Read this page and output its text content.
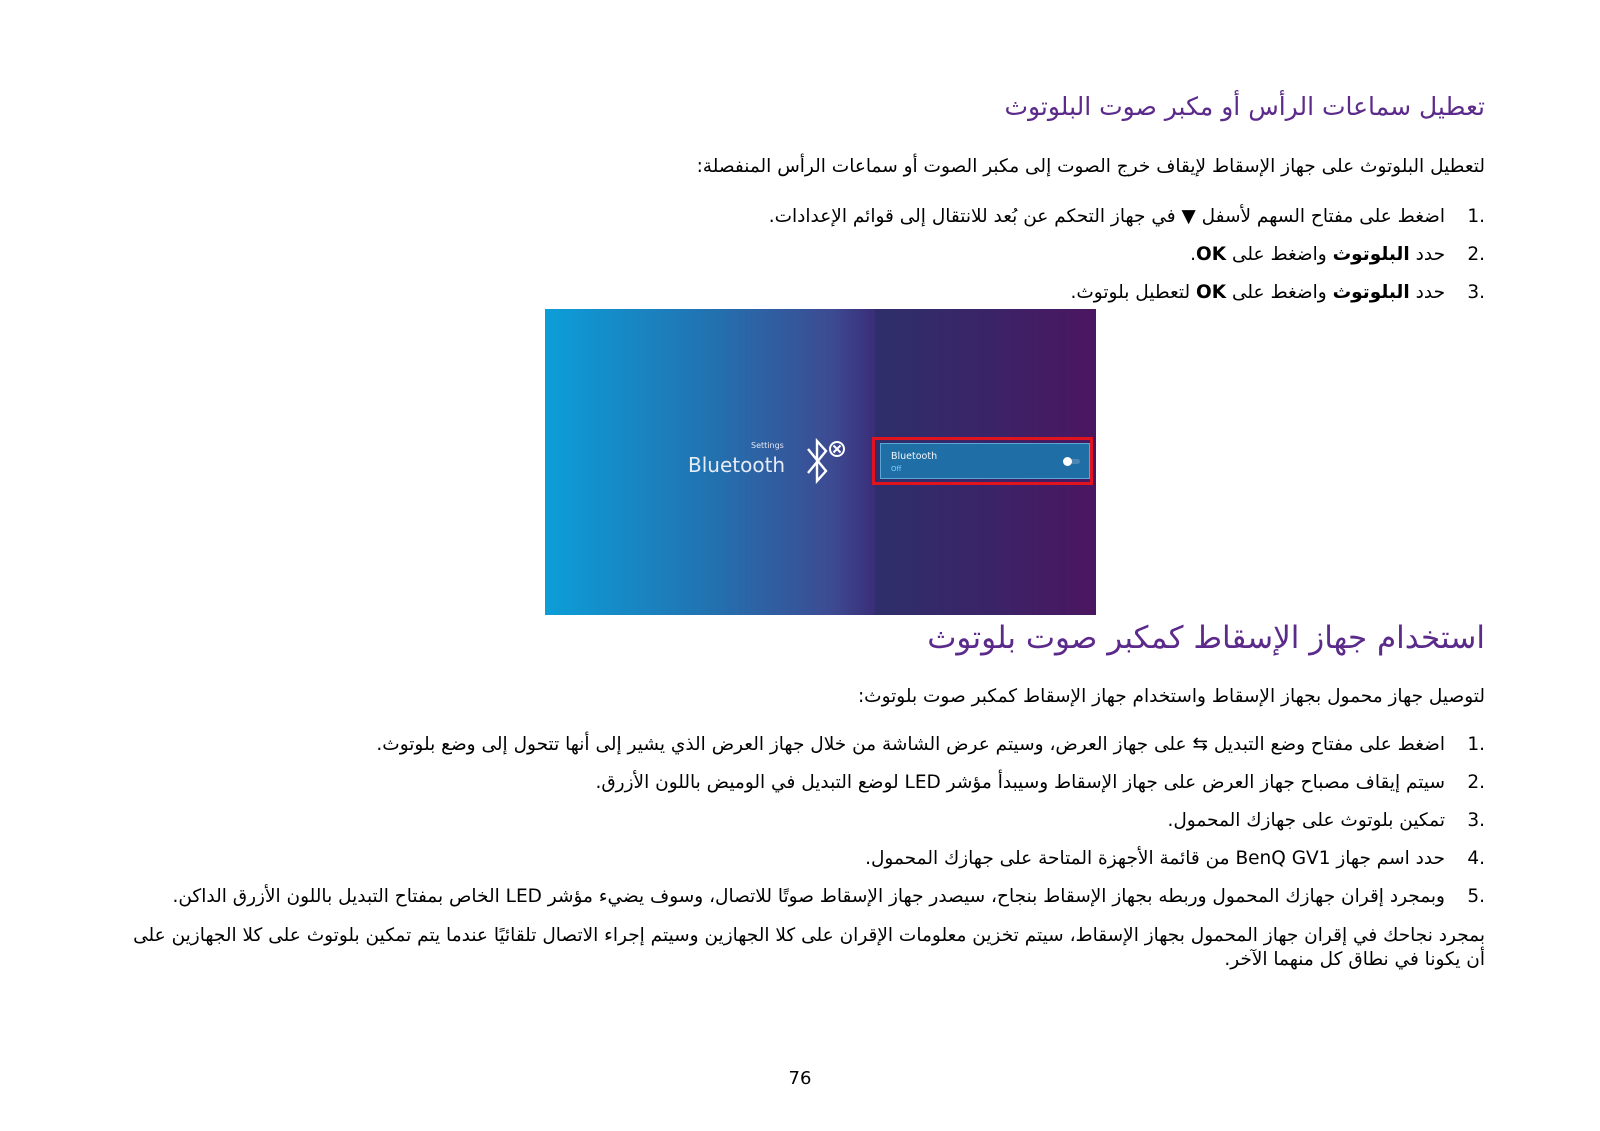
تعطيل سماعات الرأس أو مكبر صوت البلوتوث

لتعطيل البلوتوث على جهاز الإسقاط لإيقاف خرج الصوت إلى مكبر الصوت أو سماعات الرأس المنفصلة:

1.
اضغط على مفتاح السهم لأسفل ▼ في جهاز التحكم عن بُعد للانتقال إلى قوائم الإعدادات.
2.
حدد البلوتوث واضغط على OK.
3.
حدد البلوتوث واضغط على OK لتعطيل بلوتوث.
Settings
Bluetooth	Bluetooth
Off
استخدام جهاز الإسقاط كمكبر صوت بلوتوث

لتوصيل جهاز محمول بجهاز الإسقاط واستخدام جهاز الإسقاط كمكبر صوت بلوتوث:

1.
اضغط على مفتاح وضع التبديل ⇆ على جهاز العرض، وسيتم عرض الشاشة من خلال جهاز العرض الذي يشير إلى أنها تتحول إلى وضع بلوتوث.
2.
سيتم إيقاف مصباح جهاز العرض على جهاز الإسقاط وسيبدأ مؤشر LED لوضع التبديل في الوميض باللون الأزرق.
3.
تمكين بلوتوث على جهازك المحمول.
4.
حدد اسم جهاز BenQ GV1 من قائمة الأجهزة المتاحة على جهازك المحمول.
5.
وبمجرد إقران جهازك المحمول وربطه بجهاز الإسقاط بنجاح، سيصدر جهاز الإسقاط صوتًا للاتصال، وسوف يضيء مؤشر LED الخاص بمفتاح التبديل باللون الأزرق الداكن.

بمجرد نجاحك في إقران جهاز المحمول بجهاز الإسقاط، سيتم تخزين معلومات الإقران على كلا الجهازين وسيتم إجراء الاتصال تلقائيًا عندما يتم تمكين بلوتوث على كلا الجهازين على أن يكونا في نطاق كل منهما الآخر.

76
